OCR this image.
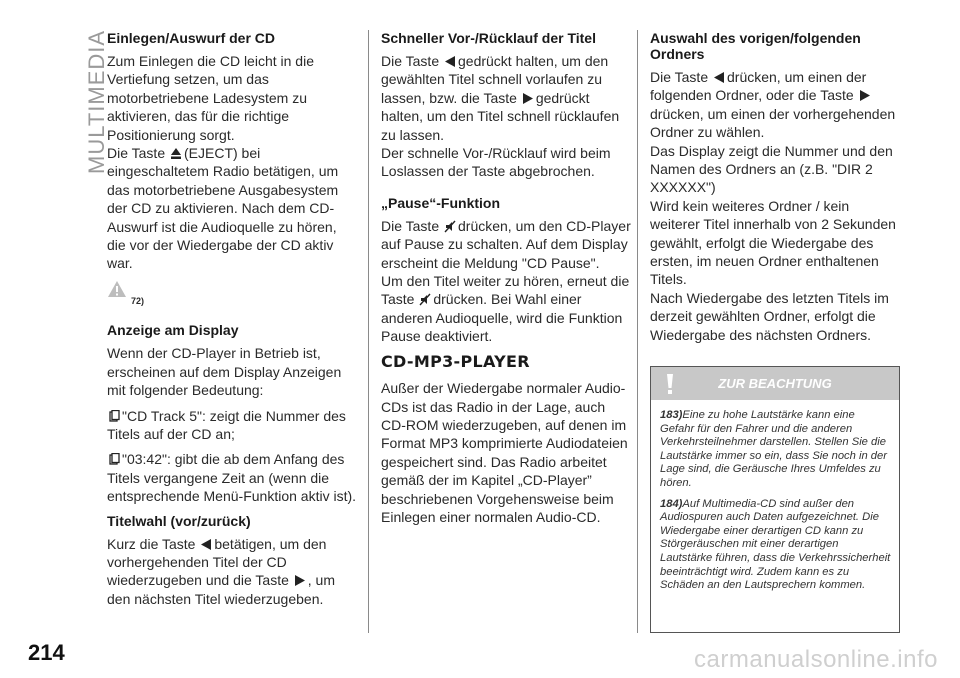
MULTIMEDIA
Einlegen/Auswurf der CD

Zum Einlegen die CD leicht in die Vertiefung setzen, um das motorbetriebene Ladesystem zu aktivieren, das für die richtige Positionierung sorgt.

Die Taste (EJECT) bei eingeschaltetem Radio betätigen, um das motorbetriebene Ausgabesystem der CD zu aktivieren. Nach dem CD-Auswurf ist die Audioquelle zu hören, die vor der Wiedergabe der CD aktiv war.

72)
Anzeige am Display

Wenn der CD-Player in Betrieb ist, erscheinen auf dem Display Anzeigen mit folgender Bedeutung:

"CD Track 5": zeigt die Nummer des Titels auf der CD an;

"03:42": gibt die ab dem Anfang des Titels vergangene Zeit an (wenn die entsprechende Menü-Funktion aktiv ist).

Titelwahl (vor/zurück)

Kurz die Taste betätigen, um den vorhergehenden Titel der CD wiederzugeben und die Taste , um den nächsten Titel wiederzugeben.

Schneller Vor-/Rücklauf der Titel

Die Taste gedrückt halten, um den gewählten Titel schnell vorlaufen zu lassen, bzw. die Taste gedrückt halten, um den Titel schnell rücklaufen zu lassen.

Der schnelle Vor-/Rücklauf wird beim Loslassen der Taste abgebrochen.

„Pause“-Funktion

Die Taste drücken, um den CD-Player auf Pause zu schalten. Auf dem Display erscheint die Meldung "CD Pause".

Um den Titel weiter zu hören, erneut die Taste drücken. Bei Wahl einer anderen Audioquelle, wird die Funktion Pause deaktiviert.

CD-MP3-PLAYER

Außer der Wiedergabe normaler Audio-CDs ist das Radio in der Lage, auch CD-ROM wiederzugeben, auf denen im Format MP3 komprimierte Audiodateien gespeichert sind. Das Radio arbeitet gemäß der im Kapitel „CD-Player” beschriebenen Vorgehensweise beim Einlegen einer normalen Audio-CD.

Auswahl des vorigen/folgenden Ordners

Die Taste drücken, um einen der folgenden Ordner, oder die Taste drücken, um einen der vorhergehenden Ordner zu wählen.

Das Display zeigt die Nummer und den Namen des Ordners an (z.B. "DIR 2 XXXXXX")

Wird kein weiteres Ordner / kein weiterer Titel innerhalb von 2 Sekunden gewählt, erfolgt die Wiedergabe des ersten, im neuen Ordner enthaltenen Titels.

Nach Wiedergabe des letzten Titels im derzeit gewählten Ordner, erfolgt die Wiedergabe des nächsten Ordners.

ZUR BEACHTUNG

183)Eine zu hohe Lautstärke kann eine Gefahr für den Fahrer und die anderen Verkehrsteilnehmer darstellen. Stellen Sie die Lautstärke immer so ein, dass Sie noch in der Lage sind, die Geräusche Ihres Umfeldes zu hören.

184)Auf Multimedia-CD sind außer den Audiospuren auch Daten aufgezeichnet. Die Wiedergabe einer derartigen CD kann zu Störgeräuschen mit einer derartigen Lautstärke führen, dass die Verkehrssicherheit beeinträchtigt wird. Zudem kann es zu Schäden an den Lautsprechern kommen.

214	carmanualsonline.info
